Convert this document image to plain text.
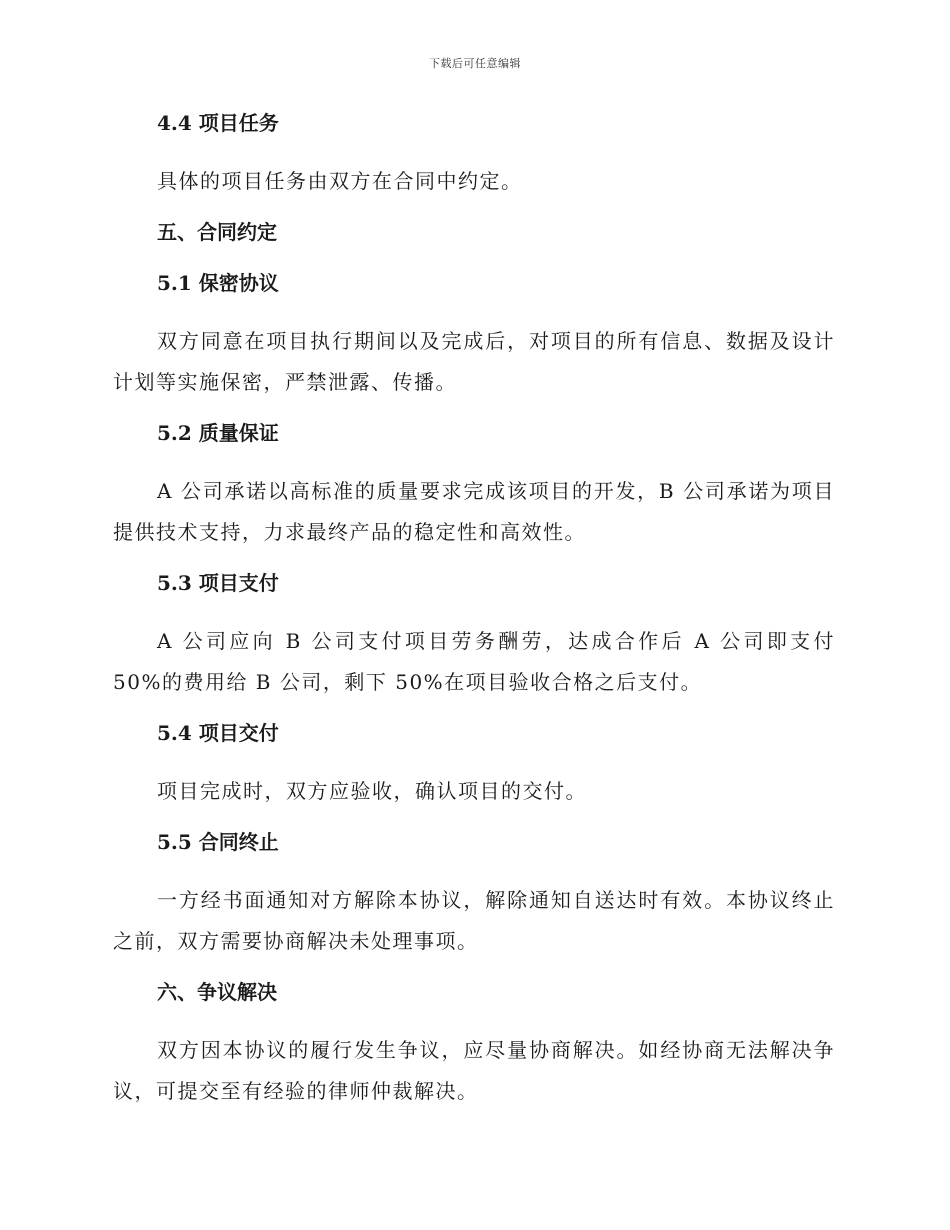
下载后可任意编辑
4.4 项目任务

具体的项目任务由双方在合同中约定。

五、合同约定
5.1 保密协议

双方同意在项目执行期间以及完成后，对项目的所有信息、数据及设计计划等实施保密，严禁泄露、传播。

5.2 质量保证

A 公司承诺以高标准的质量要求完成该项目的开发，B 公司承诺为项目提供技术支持，力求最终产品的稳定性和高效性。

5.3 项目支付

A 公司应向 B 公司支付项目劳务酬劳，达成合作后 A 公司即支付 50%的费用给 B 公司，剩下 50%在项目验收合格之后支付。

5.4 项目交付

项目完成时，双方应验收，确认项目的交付。

5.5 合同终止

一方经书面通知对方解除本协议，解除通知自送达时有效。本协议终止之前，双方需要协商解决未处理事项。

六、争议解决

双方因本协议的履行发生争议，应尽量协商解决。如经协商无法解决争议，可提交至有经验的律师仲裁解决。
